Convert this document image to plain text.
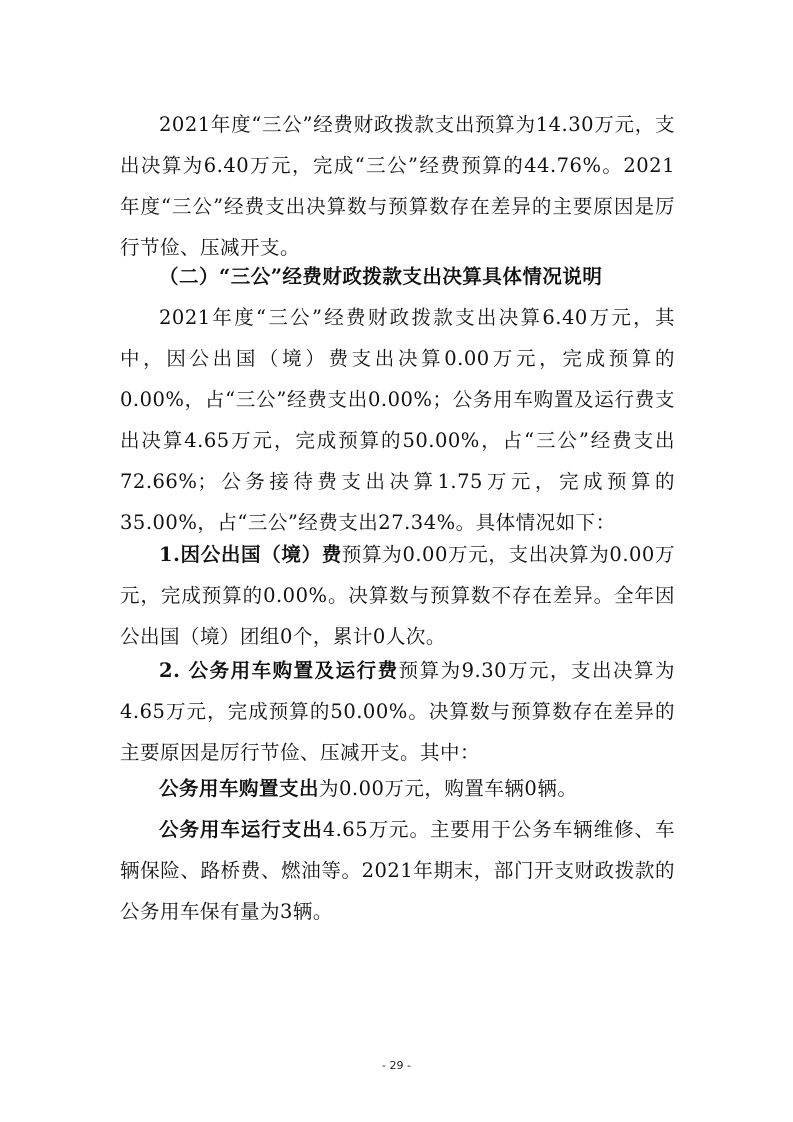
2021年度“三公”经费财政拨款支出预算为14.30万元，支出决算为6.40万元，完成“三公”经费预算的44.76%。2021年度“三公”经费支出决算数与预算数存在差异的主要原因是厉行节俭、压减开支。

（二）“三公”经费财政拨款支出决算具体情况说明

2021年度“三公”经费财政拨款支出决算6.40万元，其中，因公出国（境）费支出决算0.00万元，完成预算的0.00%，占“三公”经费支出0.00%；公务用车购置及运行费支出决算4.65万元，完成预算的50.00%，占“三公”经费支出72.66%；公务接待费支出决算1.75万元，完成预算的35.00%，占“三公”经费支出27.34%。具体情况如下：

1.因公出国（境）费预算为0.00万元，支出决算为0.00万元，完成预算的0.00%。决算数与预算数不存在差异。全年因公出国（境）团组0个，累计0人次。

2. 公务用车购置及运行费预算为9.30万元，支出决算为4.65万元，完成预算的50.00%。决算数与预算数存在差异的主要原因是厉行节俭、压减开支。其中：

公务用车购置支出为0.00万元，购置车辆0辆。

公务用车运行支出4.65万元。主要用于公务车辆维修、车辆保险、路桥费、燃油等。2021年期末，部门开支财政拨款的公务用车保有量为3辆。

- 29 -
